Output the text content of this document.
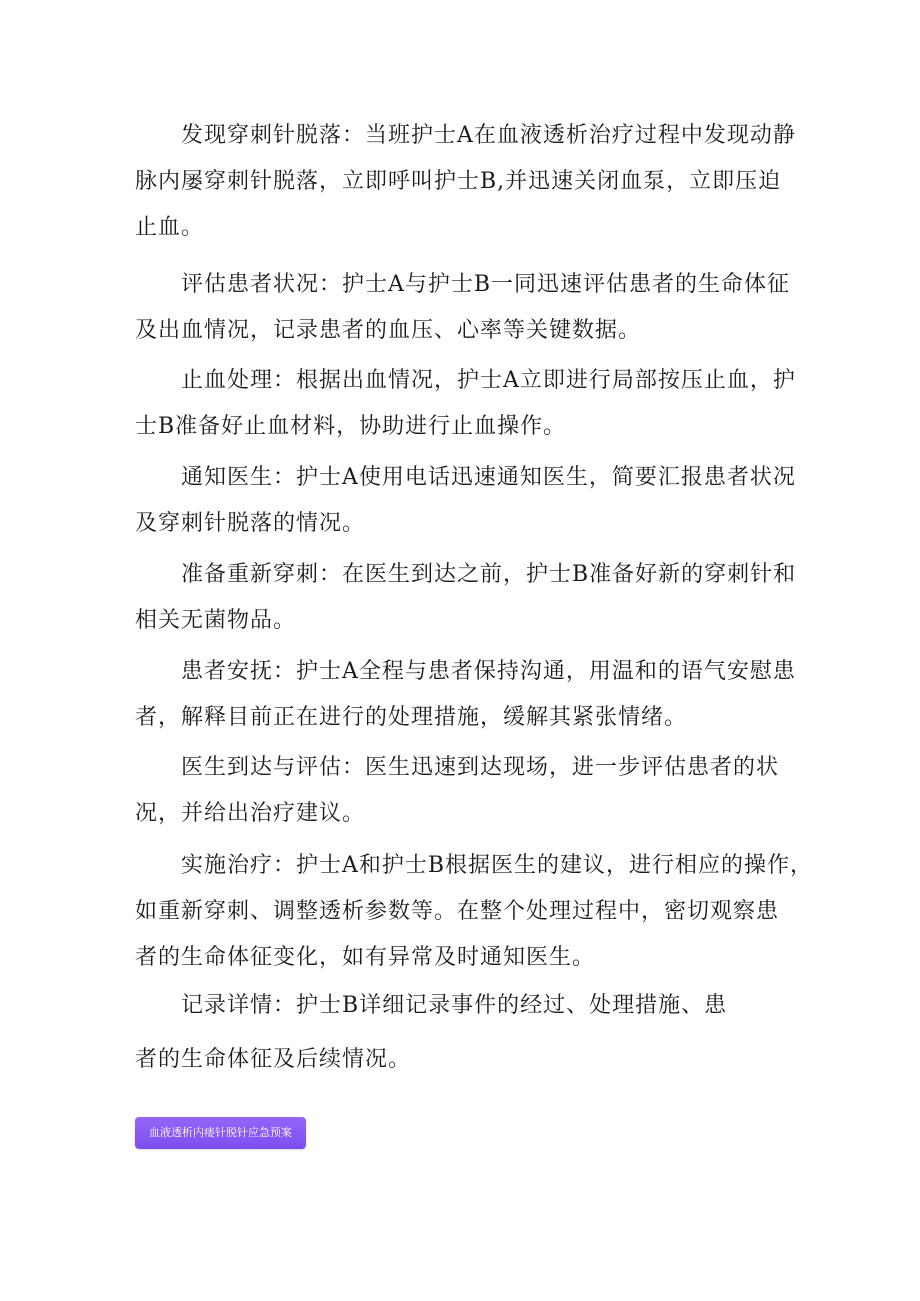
发现穿刺针脱落：当班护士A在血液透析治疗过程中发现动静
脉内屡穿刺针脱落，立即呼叫护士B,并迅速关闭血泵，立即压迫
止血。
评估患者状况：护士A与护士B一同迅速评估患者的生命体征
及出血情况，记录患者的血压、心率等关键数据。
止血处理：根据出血情况，护士A立即进行局部按压止血，护
士B准备好止血材料，协助进行止血操作。
通知医生：护士A使用电话迅速通知医生，简要汇报患者状况
及穿刺针脱落的情况。
准备重新穿刺：在医生到达之前，护士B准备好新的穿刺针和
相关无菌物品。
患者安抚：护士A全程与患者保持沟通，用温和的语气安慰患
者，解释目前正在进行的处理措施，缓解其紧张情绪。
医生到达与评估：医生迅速到达现场，进一步评估患者的状
况，并给出治疗建议。
实施治疗：护士A和护士B根据医生的建议，进行相应的操作，
如重新穿刺、调整透析参数等。在整个处理过程中，密切观察患
者的生命体征变化，如有异常及时通知医生。
记录详情：护士B详细记录事件的经过、处理措施、患
者的生命体征及后续情况。
血液透析内瘘针脱针应急预案
